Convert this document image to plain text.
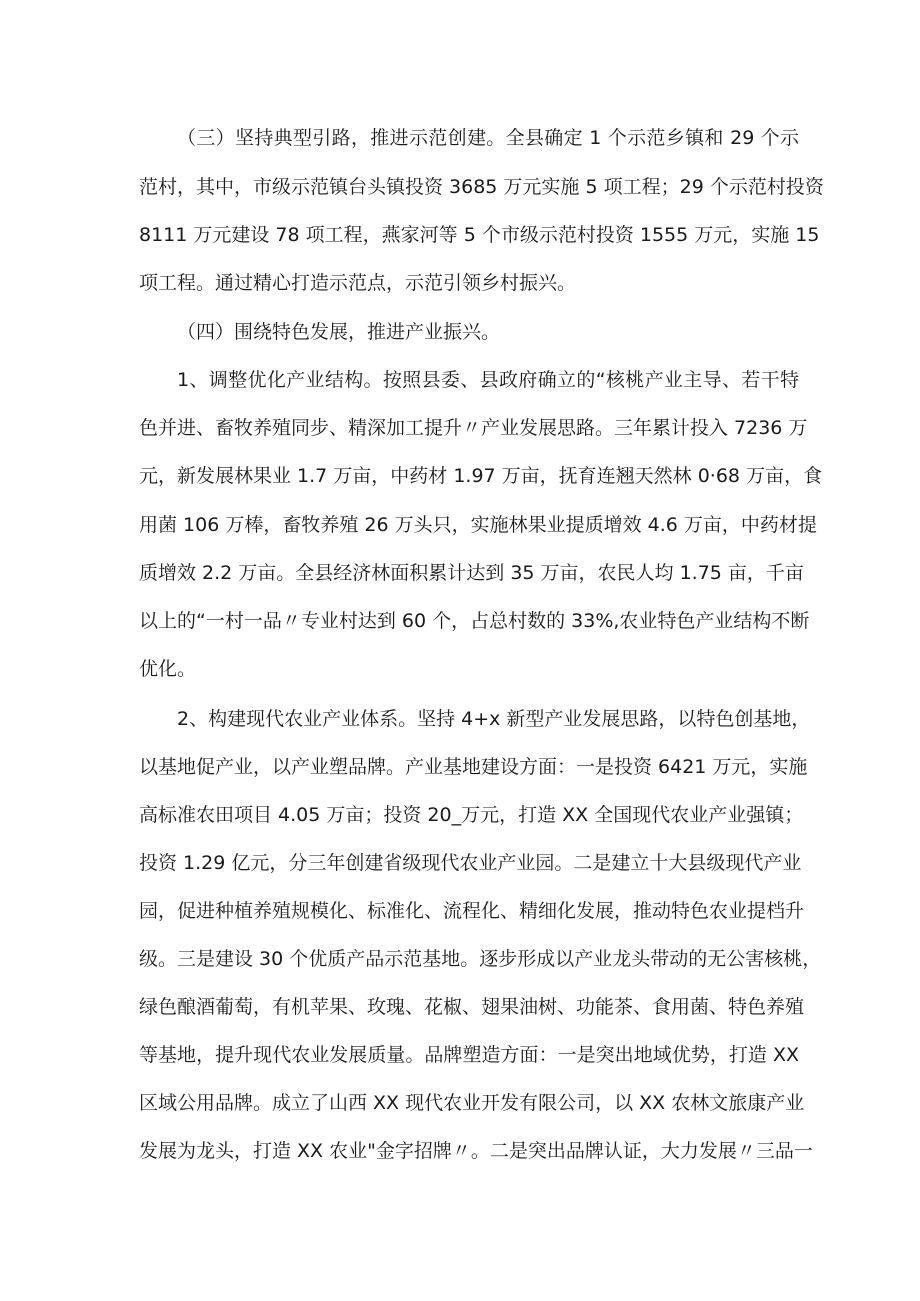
（三）坚持典型引路，推进示范创建。全县确定 1 个示范乡镇和 29 个示
范村，其中，市级示范镇台头镇投资 3685 万元实施 5 项工程；29 个示范村投资
8111 万元建设 78 项工程，燕家河等 5 个市级示范村投资 1555 万元，实施 15
项工程。通过精心打造示范点，示范引领乡村振兴。
（四）围绕特色发展，推进产业振兴。
1、调整优化产业结构。按照县委、县政府确立的“核桃产业主导、若干特
色并进、畜牧养殖同步、精深加工提升〃产业发展思路。三年累计投入 7236 万
元，新发展林果业 1.7 万亩，中药材 1.97 万亩，抚育连翘天然林 0·68 万亩，食
用菌 106 万棒，畜牧养殖 26 万头只，实施林果业提质增效 4.6 万亩，中药材提
质增效 2.2 万亩。全县经济林面积累计达到 35 万亩，农民人均 1.75 亩，千亩
以上的“一村一品〃专业村达到 60 个，占总村数的 33%,农业特色产业结构不断
优化。
2、构建现代农业产业体系。坚持 4+x 新型产业发展思路，以特色创基地，
以基地促产业，以产业塑品牌。产业基地建设方面：一是投资 6421 万元，实施
高标准农田项目 4.05 万亩；投资 20_万元，打造 XX 全国现代农业产业强镇；
投资 1.29 亿元，分三年创建省级现代农业产业园。二是建立十大县级现代产业
园，促进种植养殖规模化、标准化、流程化、精细化发展，推动特色农业提档升
级。三是建设 30 个优质产品示范基地。逐步形成以产业龙头带动的无公害核桃，
绿色酿酒葡萄，有机苹果、玫瑰、花椒、翅果油树、功能茶、食用菌、特色养殖
等基地，提升现代农业发展质量。品牌塑造方面：一是突出地域优势，打造 XX
区域公用品牌。成立了山西 XX 现代农业开发有限公司，以 XX 农林文旅康产业
发展为龙头，打造 XX 农业"金字招牌〃。二是突出品牌认证，大力发展〃三品一
